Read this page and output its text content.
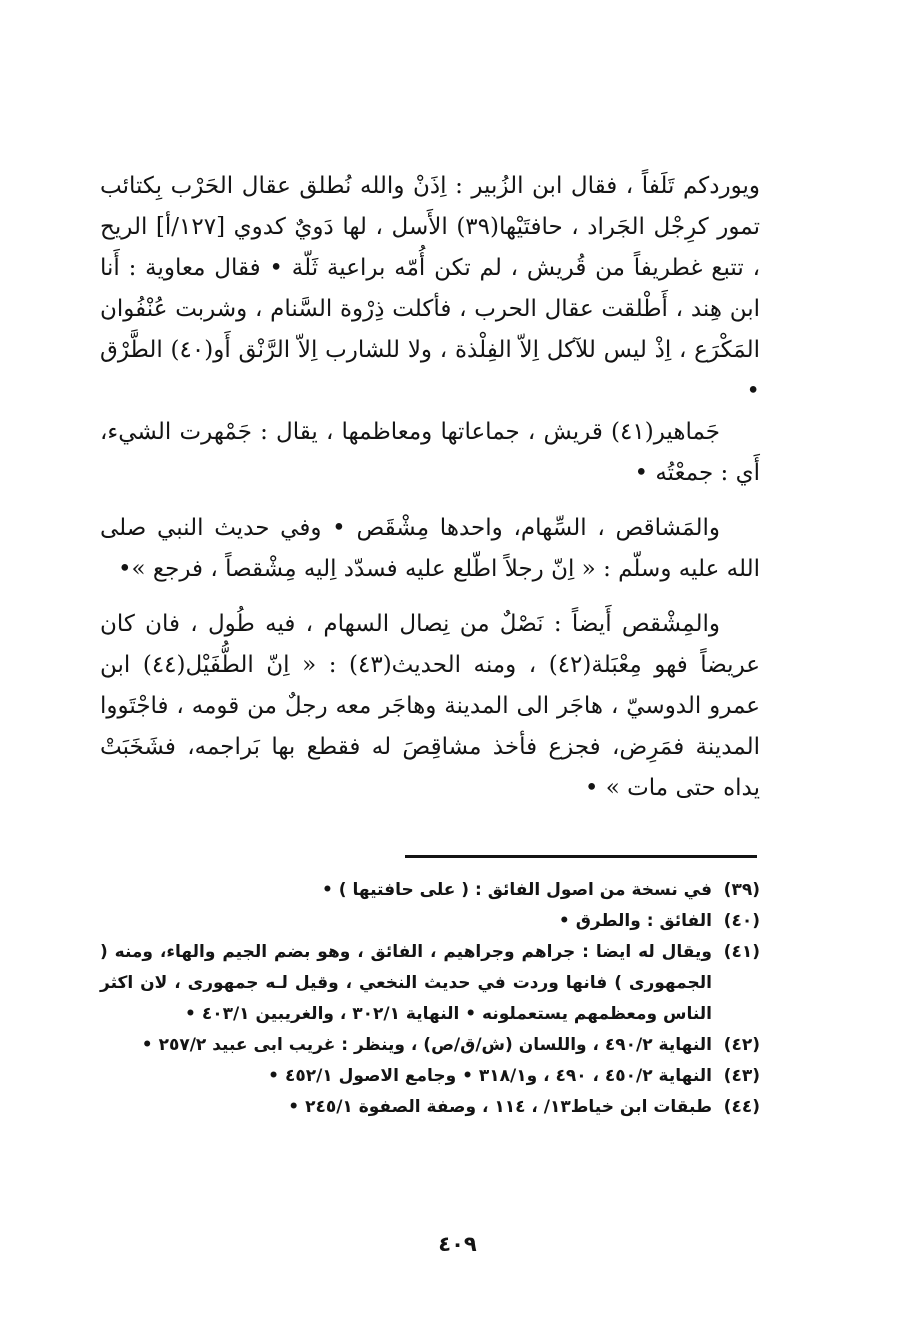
ويوردكم تَلَفاً ، فقال ابن الزُبير : اِذَنْ والله نُطلق عقال الحَرْب بِكتائب تمور كرِجْل الجَراد ، حافتَيْها(٣٩) الأَسل ، لها دَويٌ كدوي [١٢٧/أ] الريح ، تتبع غطريفاً من قُريش ، لم تكن أُمّه براعية ثَلّة • فقال معاوية : أَنا ابن هِند ، أَطْلقت عقال الحرب ، فأكلت ذِرْوة السَّنام ، وشربت عُنْفُوان المَكْرَع ، اِذْ ليس للآكل اِلاّ الفِلْذة ، ولا للشارب اِلاّ الرَّنْق أَو(٤٠) الطَّرْق •

جَماهير(٤١) قريش ، جماعاتها ومعاظمها ، يقال : جَمْهرت الشيء، أَي : جمعْتُه •

والمَشاقص ، السِّهام، واحدها مِشْقَص • وفي حديث النبي صلى الله عليه وسلّم : « اِنّ رجلاً اطّلع عليه فسدّد اِليه مِشْقصاً ، فرجع »•

والمِشْقص أَيضاً : نَصْلٌ من نِصال السهام ، فيه طُول ، فان كان عريضاً فهو مِعْبَلة(٤٢) ، ومنه الحديث(٤٣) : « اِنّ الطُّفَيْل(٤٤) ابن عمرو الدوسيّ ، هاجَر الى المدينة وهاجَر معه رجلٌ من قومه ، فاجْتَووا المدينة فمَرِض، فجزع فأخذ مشاقِصَ له فقطع بها بَراجمه، فشَخَبَتْ يداه حتى مات » •

(٣٩)
في نسخة من اصول الفائق : ( على حافتيها ) •
(٤٠)
الفائق : والطرق •
(٤١)
ويقال له ايضا : جراهم وجراهيم ، الفائق ، وهو بضم الجيم والهاء، ومنه ( الجمهورى ) فانها وردت في حديث النخعي ، وقيل لـه جمهورى ، لان اكثر الناس ومعظمهم يستعملونه • النهاية ٣٠٢/١ ، والغريبين ٤٠٣/١ •
(٤٢)
النهاية ٤٩٠/٢ ، واللسان (ش/ق/ص) ، وينظر : غريب ابى عبيد ٢٥٧/٢ •
(٤٣)
النهاية ٤٥٠/٢ ، ٤٩٠ ، و٣١٨/١ • وجامع الاصول ٤٥٢/١ •
(٤٤)
طبقات ابن خياط١٣/ ، ١١٤ ، وصفة الصفوة ٢٤٥/١ •
٤٠٩
